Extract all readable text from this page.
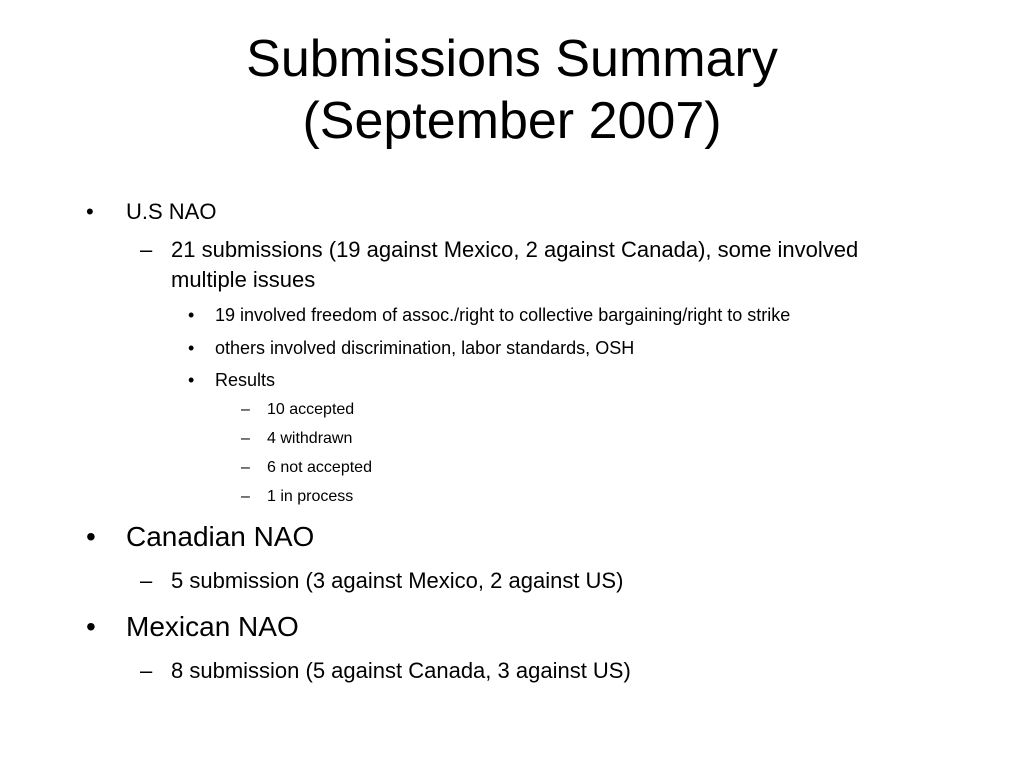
Submissions Summary
(September 2007)
• U.S NAO
– 21 submissions (19 against Mexico, 2 against Canada), some involved
multiple issues
• 19 involved freedom of assoc./right to collective bargaining/right to strike
• others involved discrimination, labor standards, OSH
• Results
– 10 accepted
– 4 withdrawn
– 6 not accepted
– 1 in process
• Canadian NAO
– 5 submission (3 against Mexico, 2 against US)
• Mexican NAO
– 8 submission (5 against Canada, 3 against US)
